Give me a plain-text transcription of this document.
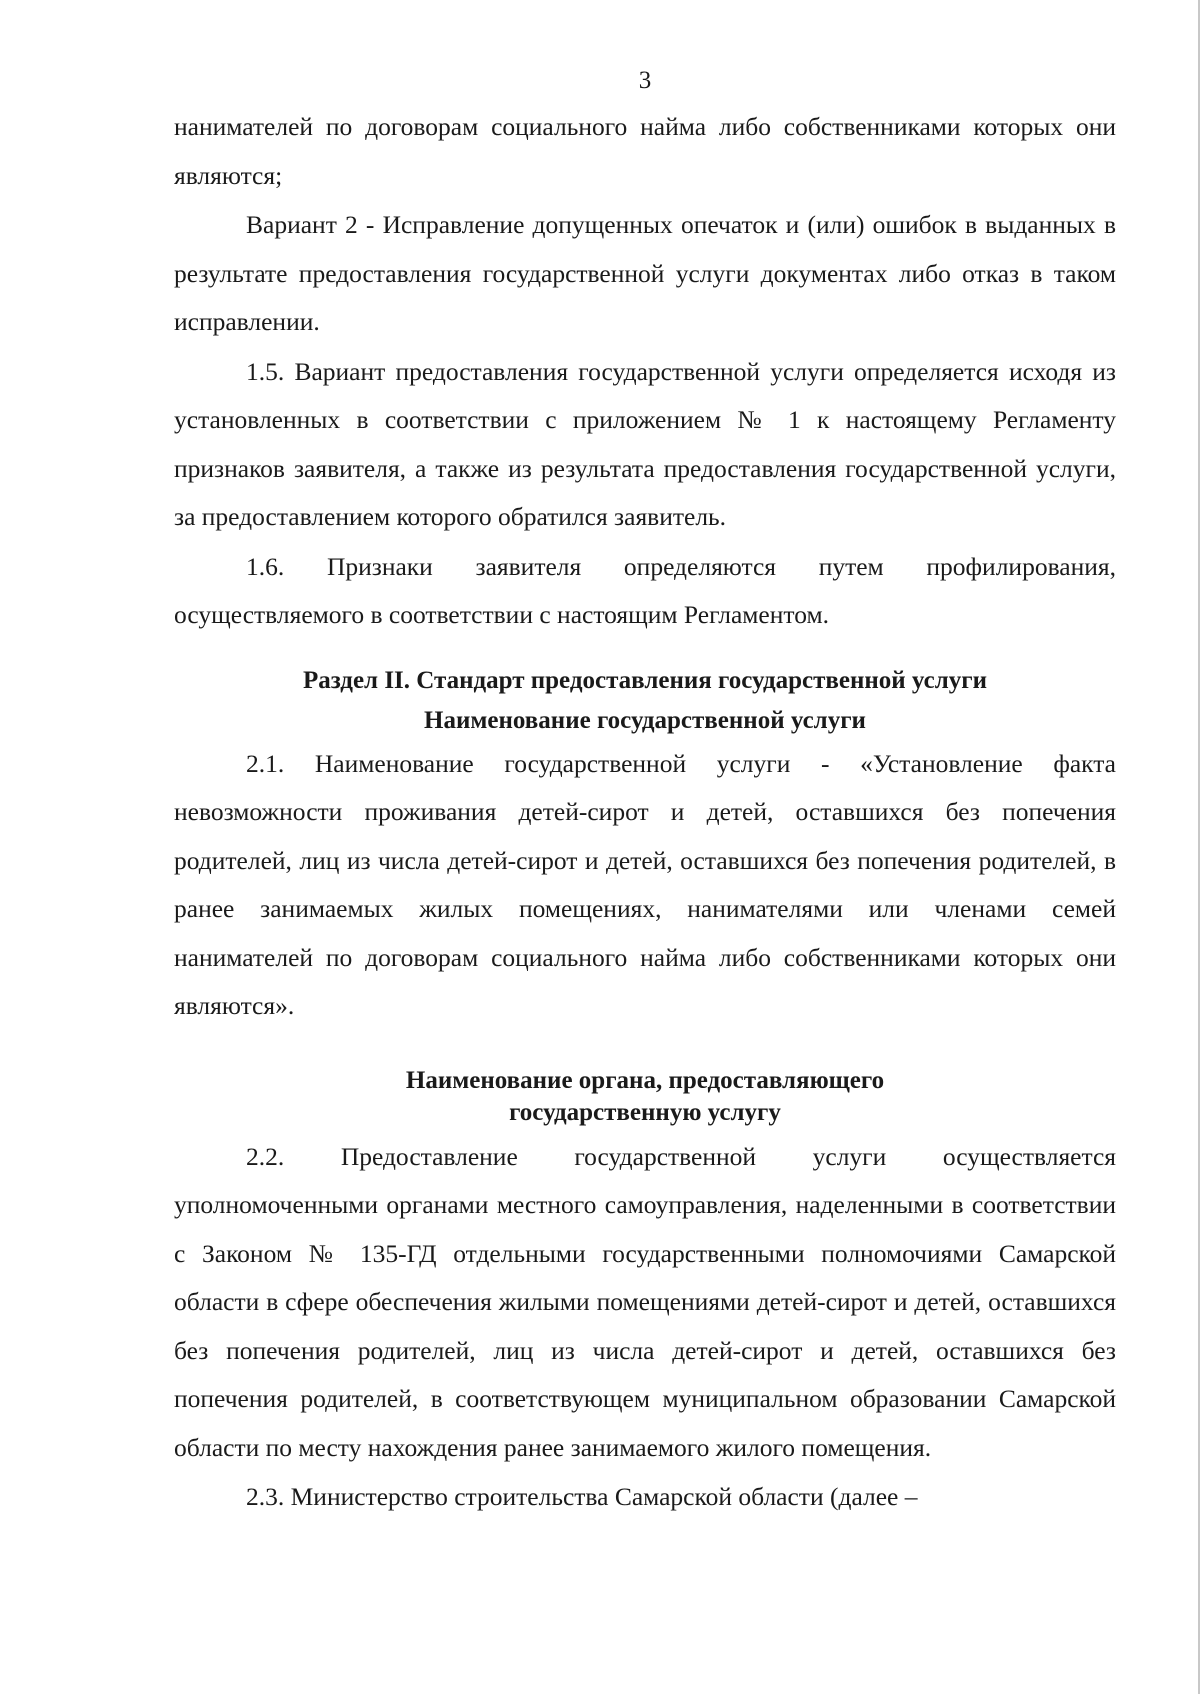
3

нанимателей по договорам социального найма либо собственниками которых они являются;

Вариант 2 - Исправление допущенных опечаток и (или) ошибок в выданных в результате предоставления государственной услуги документах либо отказ в таком исправлении.

1.5. Вариант предоставления государственной услуги определяется исходя из установленных в соответствии с приложением № 1 к настоящему Регламенту признаков заявителя, а также из результата предоставления государственной услуги, за предоставлением которого обратился заявитель.

1.6. Признаки заявителя определяются путем профилирования, осуществляемого в соответствии с настоящим Регламентом.

Раздел II. Стандарт предоставления государственной услуги
Наименование государственной услуги

2.1. Наименование государственной услуги - «Установление факта невозможности проживания детей-сирот и детей, оставшихся без попечения родителей, лиц из числа детей-сирот и детей, оставшихся без попечения родителей, в ранее занимаемых жилых помещениях, нанимателями или членами семей нанимателей по договорам социального найма либо собственниками которых они являются».

Наименование органа, предоставляющего
государственную услугу

2.2. Предоставление государственной услуги осуществляется уполномоченными органами местного самоуправления, наделенными в соответствии с Законом № 135-ГД отдельными государственными полномочиями Самарской области в сфере обеспечения жилыми помещениями детей-сирот и детей, оставшихся без попечения родителей, лиц из числа детей-сирот и детей, оставшихся без попечения родителей, в соответствующем муниципальном образовании Самарской области по месту нахождения ранее занимаемого жилого помещения.

2.3. Министерство строительства Самарской области (далее –
